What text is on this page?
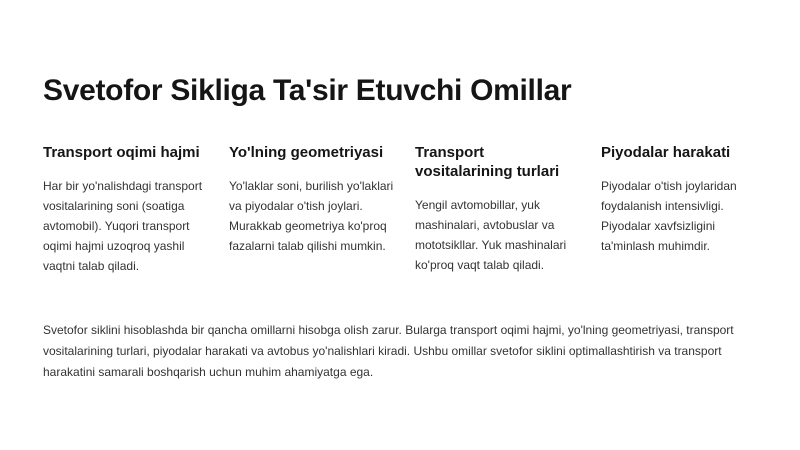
Svetofor Sikliga Ta'sir Etuvchi Omillar
Transport oqimi hajmi

Har bir yo'nalishdagi transport vositalarining soni (soatiga avtomobil). Yuqori transport oqimi hajmi uzoqroq yashil vaqtni talab qiladi.

Yo'lning geometriyasi

Yo'laklar soni, burilish yo'laklari va piyodalar o'tish joylari. Murakkab geometriya ko'proq fazalarni talab qilishi mumkin.

Transport vositalarining turlari

Yengil avtomobillar, yuk mashinalari, avtobuslar va mototsikllar. Yuk mashinalari ko'proq vaqt talab qiladi.

Piyodalar harakati

Piyodalar o'tish joylaridan foydalanish intensivligi. Piyodalar xavfsizligini ta'minlash muhimdir.

Svetofor siklini hisoblashda bir qancha omillarni hisobga olish zarur. Bularga transport oqimi hajmi, yo'lning geometriyasi, transport vositalarining turlari, piyodalar harakati va avtobus yo'nalishlari kiradi. Ushbu omillar svetofor siklini optimallashtirish va transport harakatini samarali boshqarish uchun muhim ahamiyatga ega.
